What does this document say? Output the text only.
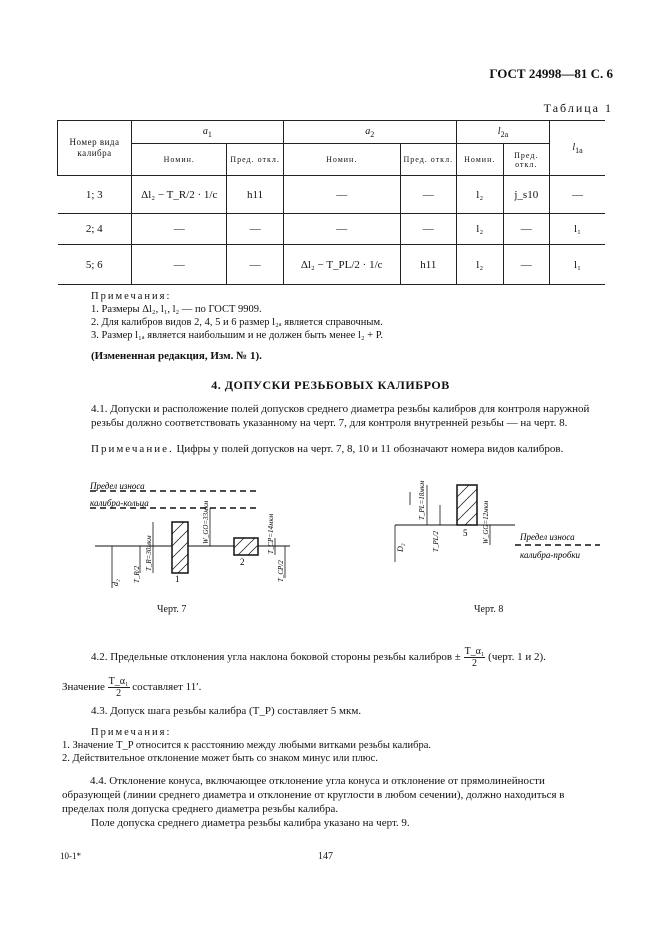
ГОСТ 24998—81 С. 6
Таблица 1
Номер вида калибра	$a_1$		$a_2$		$l_{2a}$		$l_{1a}$
	Номин.	Пред. откл.	Номин.	Пред. откл.	Номин.	Пред. откл.	
1; 3	Δl₂ − T_R/2 · 1/c	h11	—	—	l₂	j_s10	—
2; 4	—	—	—	—	l₂	—	l₁
5; 6	—	—	Δl₂ − T_PL/2 · 1/c	h11	l₂	—	l₁
Примечания:
1. Размеры Δl₂, l₁, l₂ — по ГОСТ 9909.
2. Для калибров видов 2, 4, 5 и 6 размер l₂ₐ является справочным.
3. Размер l₁ₐ является наибольшим и не должен быть менее l₂ + P.
(Измененная редакция, Изм. № 1).
4. ДОПУСКИ РЕЗЬБОВЫХ КАЛИБРОВ
4.1. Допуски и расположение полей допусков среднего диаметра резьбы калибров для контроля наружной резьбы должно соответствовать указанному на черт. 7, для контроля внутренней резьбы — на черт. 8.
Примечание. Цифры у полей допусков на черт. 7, 8, 10 и 11 обозначают номера видов калибров.
Предел износа
калибра-кольца
d₂
T_R=30мкм
T_R/2
W_GO=33мкм	T_CP=14мкм
T_CP/2
1
2
Черт. 7
D₂
T_PL=18мкм
T_PL/2	W_GO=12мкм
5	Предел износа
калибра-пробки
Черт. 8
4.2. Предельные отклонения угла наклона боковой стороны резьбы калибров ± $\frac{\text{T\_α₁}}{2}$ (черт. 1 и 2).
Значение $\frac{\text{T\_α₁}}{2}$ составляет 11′.
4.3. Допуск шага резьбы калибра (T_P) составляет 5 мкм.
Примечания:
1. Значение T_P относится к расстоянию между любыми витками резьбы калибра.
2. Действительное отклонение может быть со знаком минус или плюс.
4.4. Отклонение конуса, включающее отклонение угла конуса и отклонение от прямолинейности образующей (линии среднего диаметра и отклонение от круглости в любом сечении), должно находиться в пределах поля допуска среднего диаметра резьбы калибра.
Поле допуска среднего диаметра резьбы калибра указано на черт. 9.
10-1*	147
